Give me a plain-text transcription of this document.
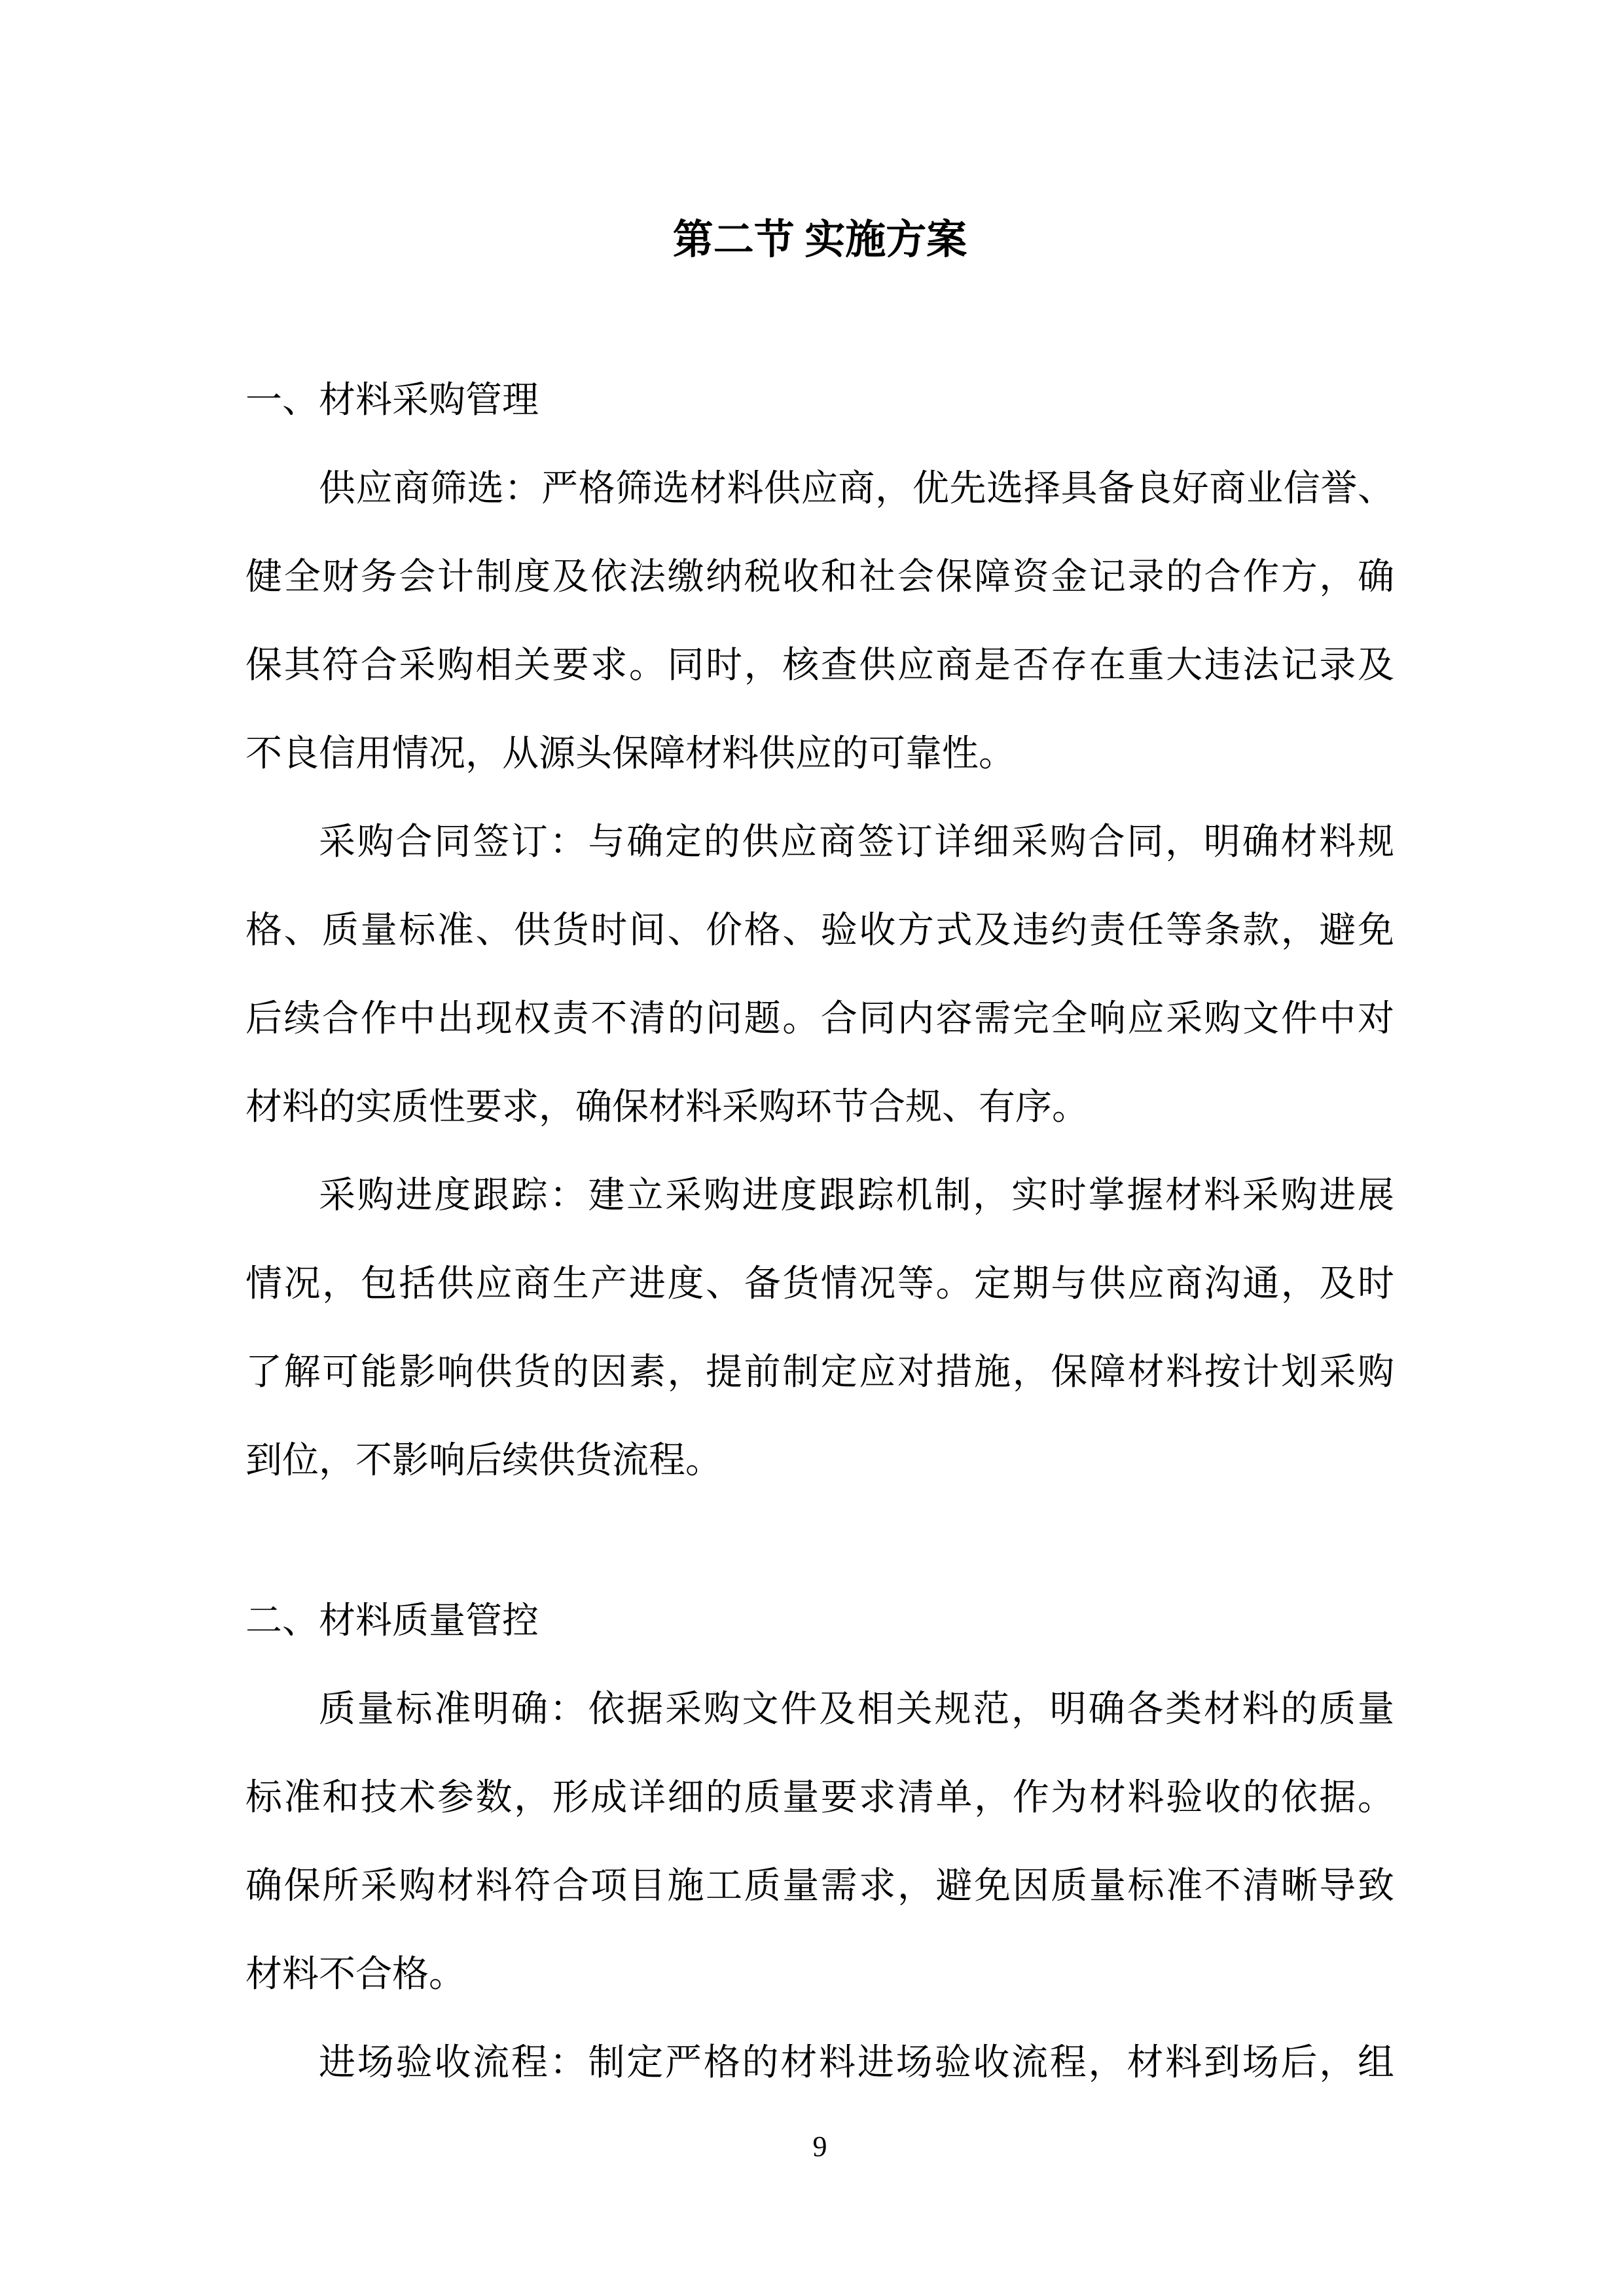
第二节 实施方案
一、材料采购管理
供应商筛选：严格筛选材料供应商，优先选择具备良好商业信誉、
健全财务会计制度及依法缴纳税收和社会保障资金记录的合作方，确
保其符合采购相关要求。同时，核查供应商是否存在重大违法记录及
不良信用情况，从源头保障材料供应的可靠性。
采购合同签订：与确定的供应商签订详细采购合同，明确材料规
格、质量标准、供货时间、价格、验收方式及违约责任等条款，避免
后续合作中出现权责不清的问题。合同内容需完全响应采购文件中对
材料的实质性要求，确保材料采购环节合规、有序。
采购进度跟踪：建立采购进度跟踪机制，实时掌握材料采购进展
情况，包括供应商生产进度、备货情况等。定期与供应商沟通，及时
了解可能影响供货的因素，提前制定应对措施，保障材料按计划采购
到位，不影响后续供货流程。
二、材料质量管控
质量标准明确：依据采购文件及相关规范，明确各类材料的质量
标准和技术参数，形成详细的质量要求清单，作为材料验收的依据。
确保所采购材料符合项目施工质量需求，避免因质量标准不清晰导致
材料不合格。
进场验收流程：制定严格的材料进场验收流程，材料到场后，组
9
